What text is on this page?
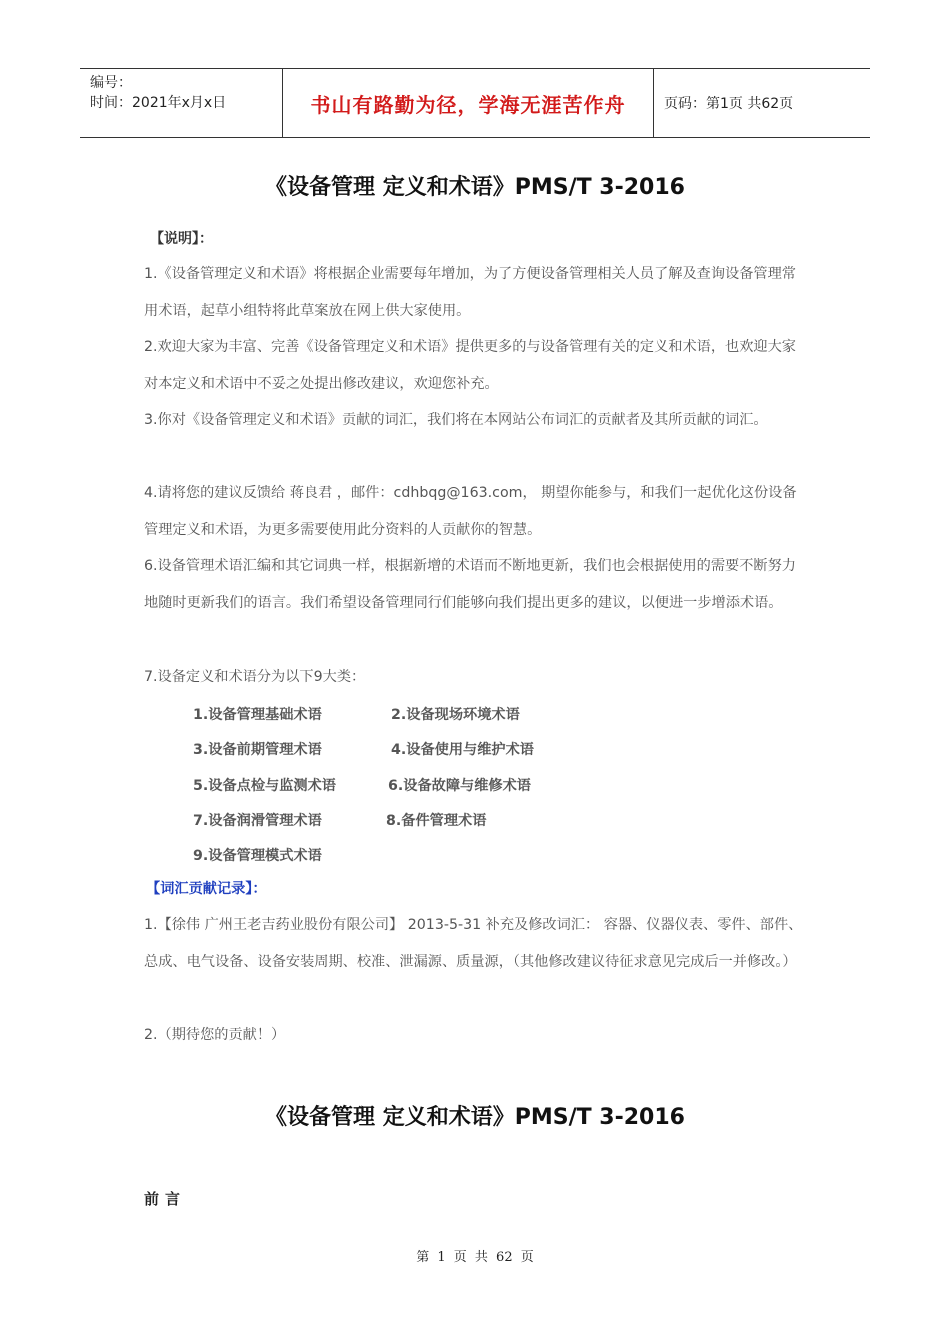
编号：
时间：2021年x月x日	书山有路勤为径，学海无涯苦作舟	页码：第1页 共62页
《设备管理 定义和术语》PMS/T 3-2016
【说明】：
1.《设备管理定义和术语》将根据企业需要每年增加，为了方便设备管理相关人员了解及查询设备管理常用术语，起草小组特将此草案放在网上供大家使用。
2.欢迎大家为丰富、完善《设备管理定义和术语》提供更多的与设备管理有关的定义和术语，也欢迎大家对本定义和术语中不妥之处提出修改建议，欢迎您补充。
3.你对《设备管理定义和术语》贡献的词汇，我们将在本网站公布词汇的贡献者及其所贡献的词汇。
4.请将您的建议反馈给 蒋良君 ，邮件：cdhbqg@163.com， 期望你能参与，和我们一起优化这份设备管理定义和术语，为更多需要使用此分资料的人贡献你的智慧。
6.设备管理术语汇编和其它词典一样，根据新增的术语而不断地更新，我们也会根据使用的需要不断努力地随时更新我们的语言。我们希望设备管理同行们能够向我们提出更多的建议，以便进一步增添术语。
7.设备定义和术语分为以下9大类：
1.设备管理基础术语	2.设备现场环境术语
3.设备前期管理术语	4.设备使用与维护术语
5.设备点检与监测术语	6.设备故障与维修术语
7.设备润滑管理术语	8.备件管理术语
9.设备管理模式术语
【词汇贡献记录】：
1.【徐伟 广州王老吉药业股份有限公司】 2013-5-31 补充及修改词汇： 容器、仪器仪表、零件、部件、总成、电气设备、设备安装周期、校准、泄漏源、质量源，（其他修改建议待征求意见完成后一并修改。）
2.（期待您的贡献！）
《设备管理 定义和术语》PMS/T 3-2016
前言
第 1 页 共 62 页
